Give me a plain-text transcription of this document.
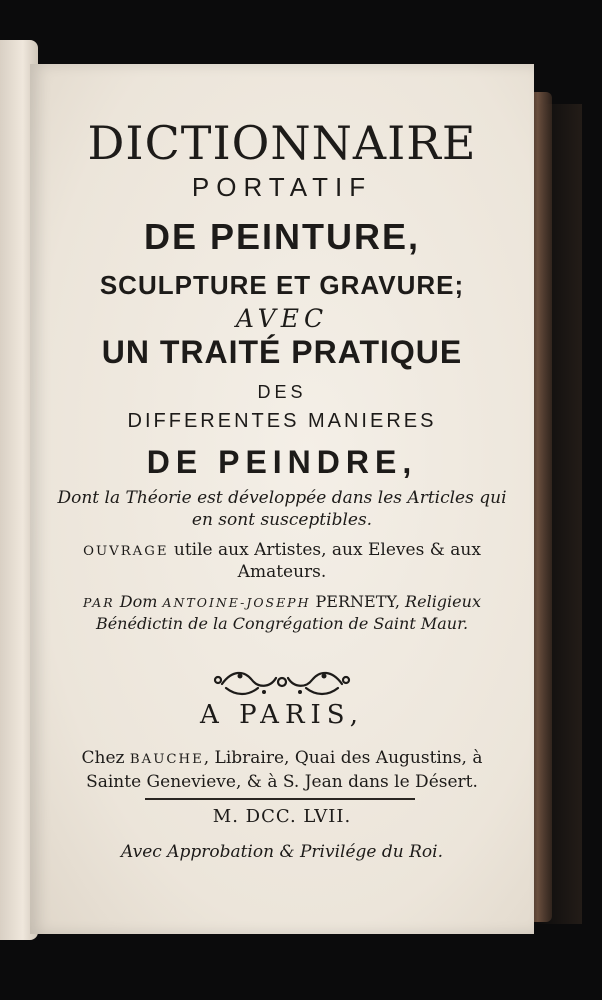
DICTIONNAIRE
PORTATIF
DE PEINTURE,
SCULPTURE ET GRAVURE;
AVEC
UN TRAITÉ PRATIQUE
DES
DIFFERENTES MANIERES
DE PEINDRE,
Dont la Théorie est développée dans les Articles qui
en sont susceptibles.
OUVRAGE utile aux Artistes, aux Eleves & aux
Amateurs.
PAR Dom ANTOINE-JOSEPH PERNETY, Religieux
Bénédictin de la Congrégation de Saint Maur.
A PARIS,
Chez BAUCHE, Libraire, Quai des Augustins, à
Sainte Genevieve, & à S. Jean dans le Désert.
M. DCC. LVII.
Avec Approbation & Privilége du Roi.
